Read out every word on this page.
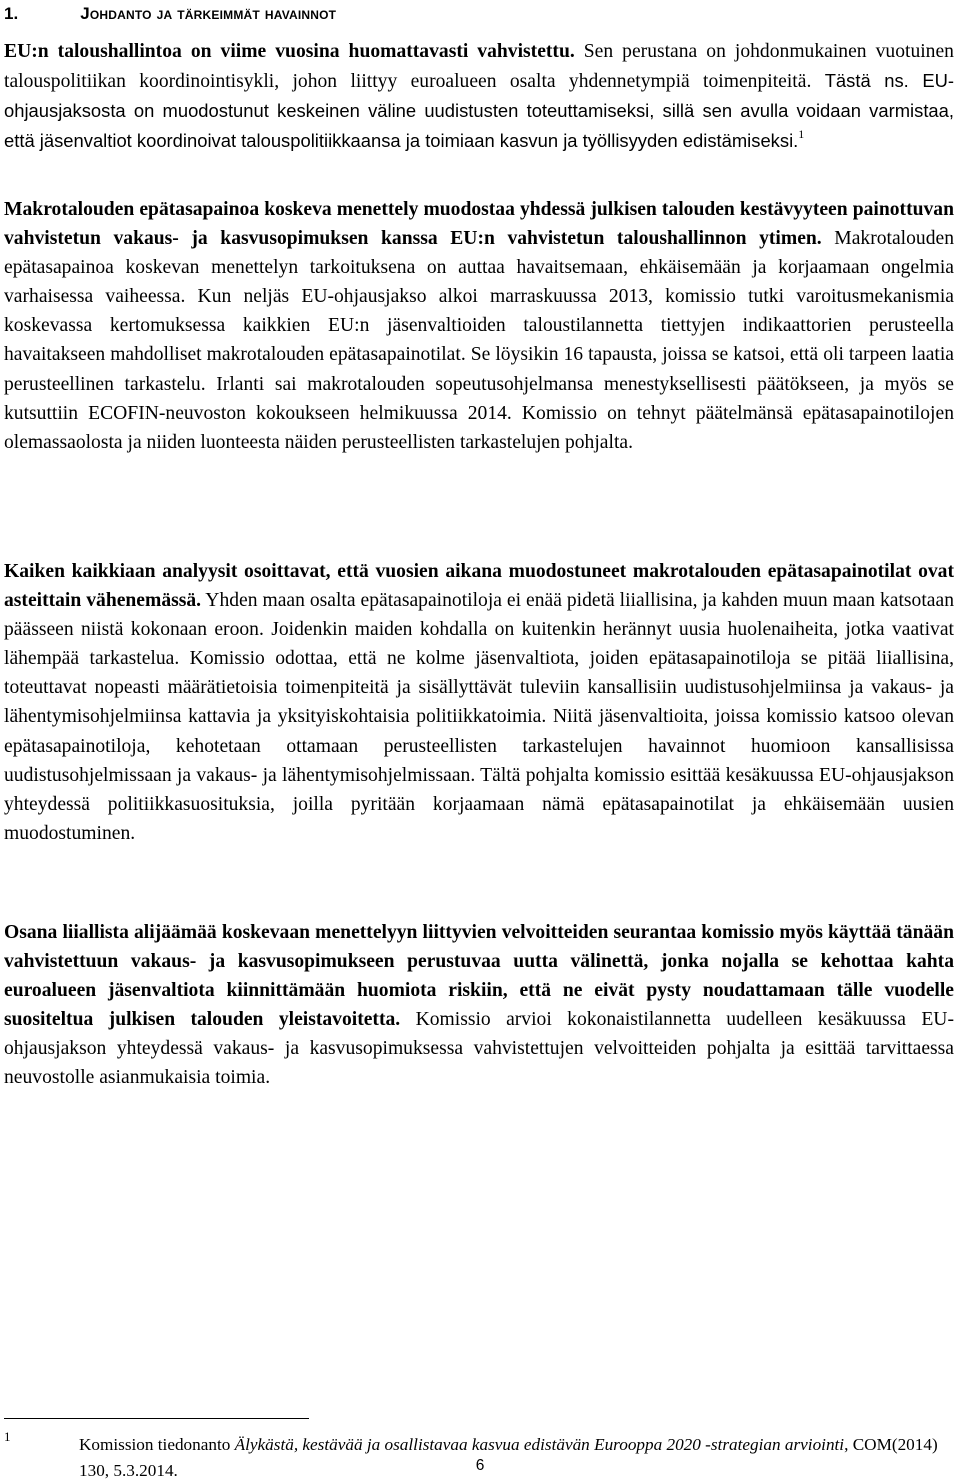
1.	Johdanto ja tärkeimmät havainnot

EU:n taloushallintoa on viime vuosina huomattavasti vahvistettu. Sen perustana on johdonmukainen vuotuinen talouspolitiikan koordinointisykli, johon liittyy euroalueen osalta yhdennetympiä toimenpiteitä. Tästä ns. EU-ohjausjaksosta on muodostunut keskeinen väline uudistusten toteuttamiseksi, sillä sen avulla voidaan varmistaa, että jäsenvaltiot koordinoivat talouspolitiikkaansa ja toimiaan kasvun ja työllisyyden edistämiseksi.$^1$

Makrotalouden epätasapainoa koskeva menettely muodostaa yhdessä julkisen talouden kestävyyteen painottuvan vahvistetun vakaus- ja kasvusopimuksen kanssa EU:n vahvistetun taloushallinnon ytimen. Makrotalouden epätasapainoa koskevan menettelyn tarkoituksena on auttaa havaitsemaan, ehkäisemään ja korjaamaan ongelmia varhaisessa vaiheessa. Kun neljäs EU-ohjausjakso alkoi marraskuussa 2013, komissio tutki varoitusmekanismia koskevassa kertomuksessa kaikkien EU:n jäsenvaltioiden taloustilannetta tiettyjen indikaattorien perusteella havaitakseen mahdolliset makrotalouden epätasapainotilat. Se löysikin 16 tapausta, joissa se katsoi, että oli tarpeen laatia perusteellinen tarkastelu. Irlanti sai makrotalouden sopeutusohjelmansa menestyksellisesti päätökseen, ja myös se kutsuttiin ECOFIN-neuvoston kokoukseen helmikuussa 2014. Komissio on tehnyt päätelmänsä epätasapainotilojen olemassaolosta ja niiden luonteesta näiden perusteellisten tarkastelujen pohjalta.

Kaiken kaikkiaan analyysit osoittavat, että vuosien aikana muodostuneet makrotalouden epätasapainotilat ovat asteittain vähenemässä. Yhden maan osalta epätasapainotiloja ei enää pidetä liiallisina, ja kahden muun maan katsotaan päässeen niistä kokonaan eroon. Joidenkin maiden kohdalla on kuitenkin herännyt uusia huolenaiheita, jotka vaativat lähempää tarkastelua. Komissio odottaa, että ne kolme jäsenvaltiota, joiden epätasapainotiloja se pitää liiallisina, toteuttavat nopeasti määrätietoisia toimenpiteitä ja sisällyttävät tuleviin kansallisiin uudistusohjelmiinsa ja vakaus- ja lähentymisohjelmiinsa kattavia ja yksityiskohtaisia politiikkatoimia. Niitä jäsenvaltioita, joissa komissio katsoo olevan epätasapainotiloja, kehotetaan ottamaan perusteellisten tarkastelujen havainnot huomioon kansallisissa uudistusohjelmissaan ja vakaus- ja lähentymisohjelmissaan. Tältä pohjalta komissio esittää kesäkuussa EU-ohjausjakson yhteydessä politiikkasuosituksia, joilla pyritään korjaamaan nämä epätasapainotilat ja ehkäisemään uusien muodostuminen.

Osana liiallista alijäämää koskevaan menettelyyn liittyvien velvoitteiden seurantaa komissio myös käyttää tänään vahvistettuun vakaus- ja kasvusopimukseen perustuvaa uutta välinettä, jonka nojalla se kehottaa kahta euroalueen jäsenvaltiota kiinnittämään huomiota riskiin, että ne eivät pysty noudattamaan tälle vuodelle suositeltua julkisen talouden yleistavoitetta. Komissio arvioi kokonaistilannetta uudelleen kesäkuussa EU-ohjausjakson yhteydessä vakaus- ja kasvusopimuksessa vahvistettujen velvoitteiden pohjalta ja esittää tarvittaessa neuvostolle asianmukaisia toimia.

1	Komission tiedonanto Älykästä, kestävää ja osallistavaa kasvua edistävän Eurooppa 2020 -strategian arviointi, COM(2014) 130, 5.3.2014.	6
